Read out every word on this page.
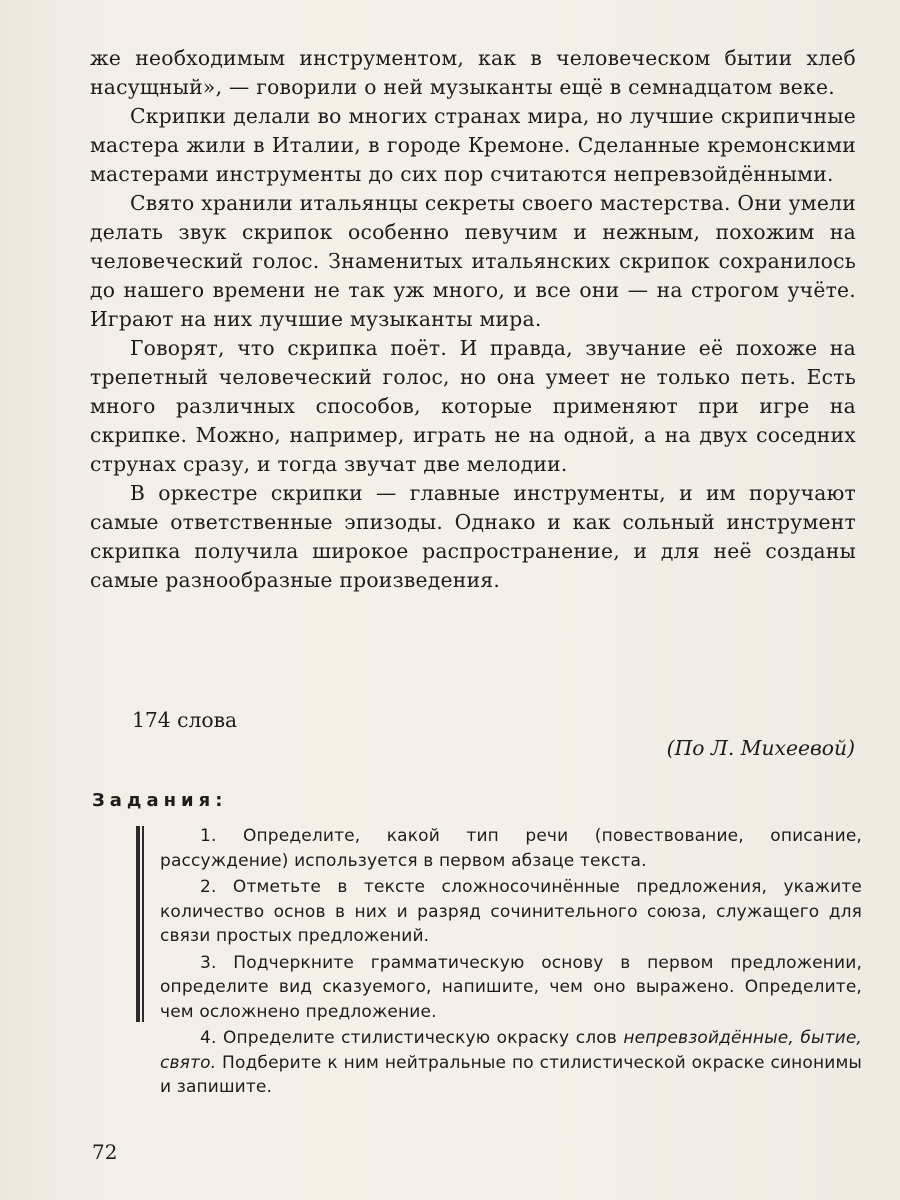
же необходимым инструментом, как в человеческом бытии хлеб насущный», — говорили о ней музыканты ещё в семнадцатом веке.

Скрипки делали во многих странах мира, но лучшие скрипичные мастера жили в Италии, в городе Кремоне. Сделанные кремонскими мастерами инструменты до сих пор считаются непревзойдёнными.

Свято хранили итальянцы секреты своего мастерства. Они умели делать звук скрипок особенно певучим и нежным, похожим на человеческий голос. Знаменитых итальянских скрипок сохранилось до нашего времени не так уж много, и все они — на строгом учёте. Играют на них лучшие музыканты мира.

Говорят, что скрипка поёт. И правда, звучание её похоже на трепетный человеческий голос, но она умеет не только петь. Есть много различных способов, которые применяют при игре на скрипке. Можно, например, играть не на одной, а на двух соседних струнах сразу, и тогда звучат две мелодии.

В оркестре скрипки — главные инструменты, и им поручают самые ответственные эпизоды. Однако и как сольный инструмент скрипка получила широкое распространение, и для неё созданы самые разнообразные произведения.

174 слова
(По Л. Михеевой)
Задания:

1. Определите, какой тип речи (повествование, описание, рассуждение) используется в первом абзаце текста.

2. Отметьте в тексте сложносочинённые предложения, укажите количество основ в них и разряд сочинительного союза, служащего для связи простых предложений.

3. Подчеркните грамматическую основу в первом предложении, определите вид сказуемого, напишите, чем оно выражено. Определите, чем осложнено предложение.

4. Определите стилистическую окраску слов непревзойдённые, бытие, свято. Подберите к ним нейтральные по стилистической окраске синонимы и запишите.

72
